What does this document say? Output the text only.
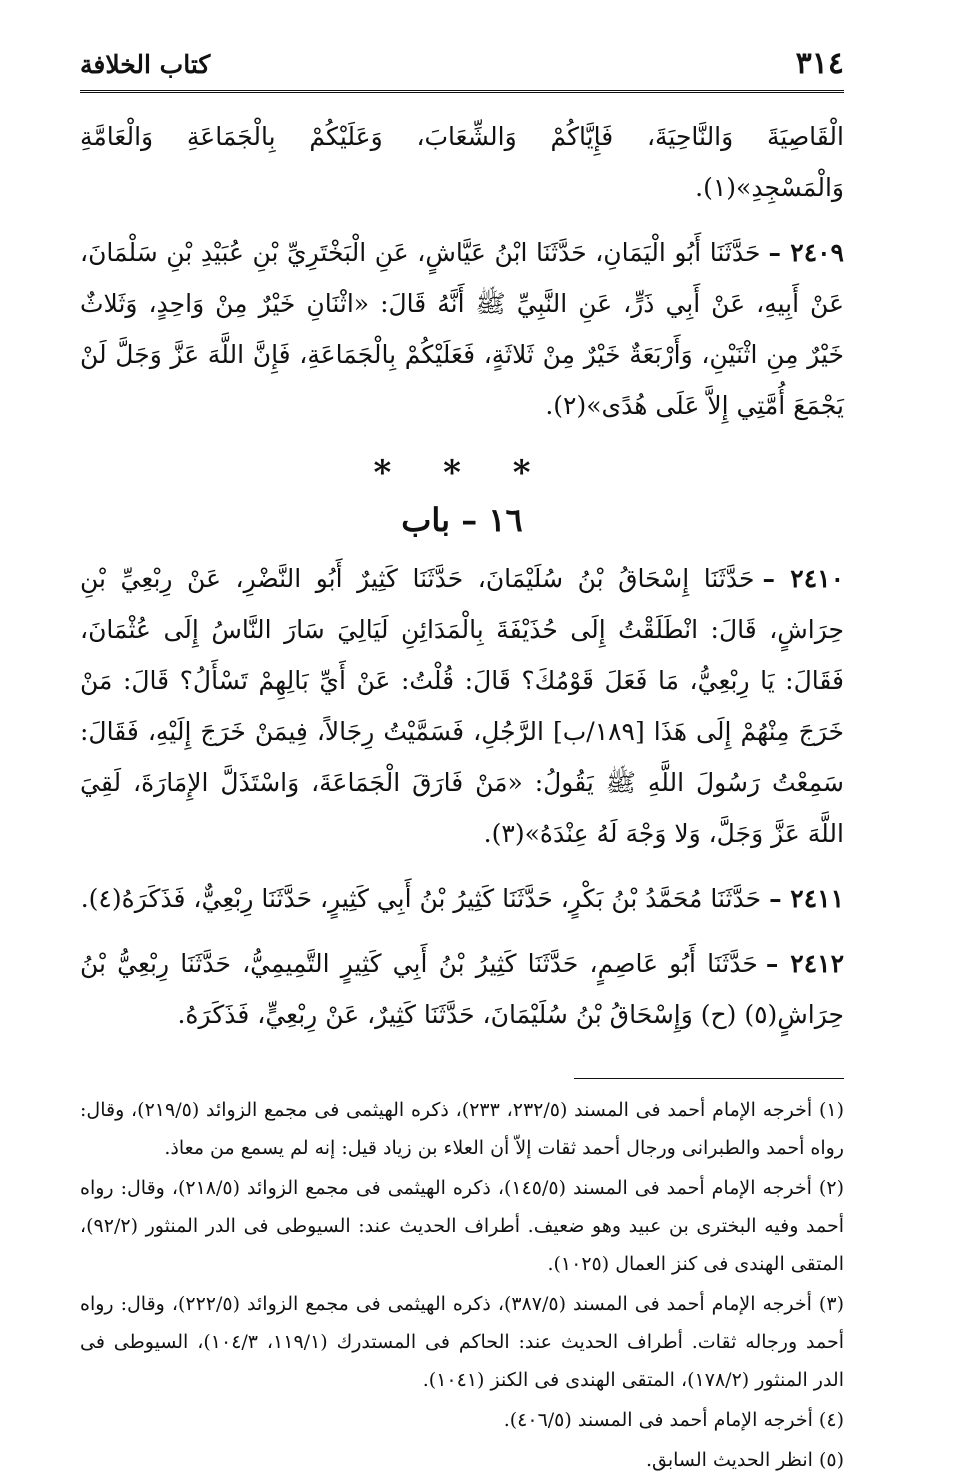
٣١٤
كتاب الخلافة

الْقَاصِيَةَ وَالنَّاحِيَةَ، فَإِيَّاكُمْ وَالشِّعَابَ، وَعَلَيْكُمْ بِالْجَمَاعَةِ وَالْعَامَّةِ وَالْمَسْجِدِ»(١).

٢٤٠٩ –حَدَّثَنَا أَبُو الْيَمَانِ، حَدَّثَنَا ابْنُ عَيَّاشٍ، عَنِ الْبَخْتَرِيِّ بْنِ عُبَيْدِ بْنِ سَلْمَانَ، عَنْ أَبِيهِ، عَنْ أَبِي ذَرٍّ، عَنِ النَّبِيِّ ﷺ أَنَّهُ قَالَ: «اثْنَانِ خَيْرٌ مِنْ وَاحِدٍ، وَثَلاثٌ خَيْرٌ مِنِ اثْنَيْنِ، وَأَرْبَعَةٌ خَيْرٌ مِنْ ثَلاثَةٍ، فَعَلَيْكُمْ بِالْجَمَاعَةِ، فَإِنَّ اللَّهَ عَزَّ وَجَلَّ لَنْ يَجْمَعَ أُمَّتِي إِلاَّ عَلَى هُدًى»(٢).

* * *
١٦ – باب

٢٤١٠ –حَدَّثَنَا إِسْحَاقُ بْنُ سُلَيْمَانَ، حَدَّثَنَا كَثِيرٌ أَبُو النَّضْرِ، عَنْ رِبْعِيِّ بْنِ حِرَاشٍ، قَالَ: انْطَلَقْتُ إِلَى حُذَيْفَةَ بِالْمَدَائِنِ لَيَالِيَ سَارَ النَّاسُ إِلَى عُثْمَانَ، فَقَالَ: يَا رِبْعِيُّ، مَا فَعَلَ قَوْمُكَ؟ قَالَ: قُلْتُ: عَنْ أَيِّ بَالِهِمْ تَسْأَلُ؟ قَالَ: مَنْ خَرَجَ مِنْهُمْ إِلَى هَذَا [١٨٩/ب] الرَّجُلِ، فَسَمَّيْتُ رِجَالاً، فِيمَنْ خَرَجَ إِلَيْهِ، فَقَالَ: سَمِعْتُ رَسُولَ اللَّهِ ﷺ يَقُولُ: «مَنْ فَارَقَ الْجَمَاعَةَ، وَاسْتَذَلَّ الإِمَارَةَ، لَقِيَ اللَّهَ عَزَّ وَجَلَّ، وَلا وَجْهَ لَهُ عِنْدَهُ»(٣).

٢٤١١ –حَدَّثَنَا مُحَمَّدُ بْنُ بَكْرٍ، حَدَّثَنَا كَثِيرُ بْنُ أَبِي كَثِيرٍ، حَدَّثَنَا رِبْعِيٌّ، فَذَكَرَهُ(٤).

٢٤١٢ –حَدَّثَنَا أَبُو عَاصِمٍ، حَدَّثَنَا كَثِيرُ بْنُ أَبِي كَثِيرٍ التَّمِيمِيُّ، حَدَّثَنَا رِبْعِيُّ بْنُ حِرَاشٍ(٥) (ح) وَإِسْحَاقُ بْنُ سُلَيْمَانَ، حَدَّثَنَا كَثِيرٌ، عَنْ رِبْعِيٍّ، فَذَكَرَهُ.

(١) أخرجه الإمام أحمد فى المسند (٢٣٢/٥، ٢٣٣)، ذكره الهيثمى فى مجمع الزوائد (٢١٩/٥)، وقال: رواه أحمد والطبرانى ورجال أحمد ثقات إلاّ أن العلاء بن زياد قيل: إنه لم يسمع من معاذ.

(٢) أخرجه الإمام أحمد فى المسند (١٤٥/٥)، ذكره الهيثمى فى مجمع الزوائد (٢١٨/٥)، وقال: رواه أحمد وفيه البخترى بن عبيد وهو ضعيف. أطراف الحديث عند: السيوطى فى الدر المنثور (٩٢/٢)، المتقى الهندى فى كنز العمال (١٠٢٥).

(٣) أخرجه الإمام أحمد فى المسند (٣٨٧/٥)، ذكره الهيثمى فى مجمع الزوائد (٢٢٢/٥)، وقال: رواه أحمد ورجاله ثقات. أطراف الحديث عند: الحاكم فى المستدرك (١١٩/١، ١٠٤/٣)، السيوطى فى الدر المنثور (١٧٨/٢)، المتقى الهندى فى الكنز (١٠٤١).

(٤) أخرجه الإمام أحمد فى المسند (٤٠٦/٥).

(٥) انظر الحديث السابق.
